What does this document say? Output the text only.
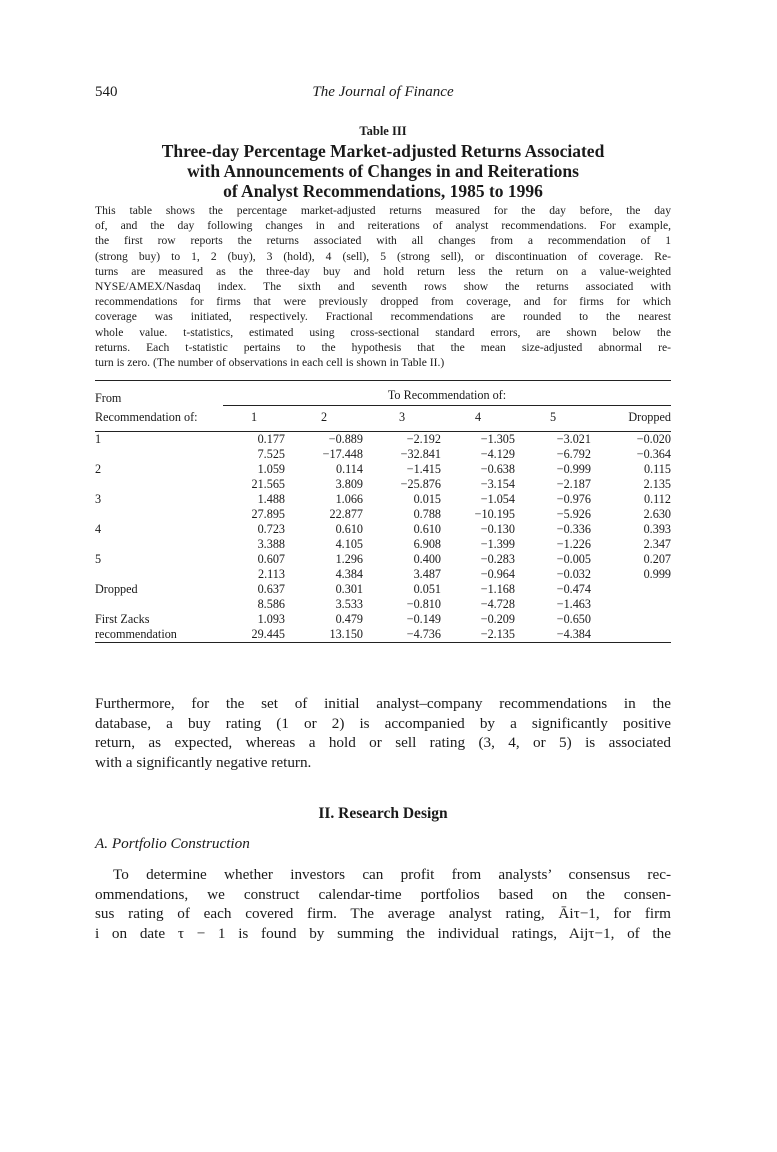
540	The Journal of Finance
Table III
Three-day Percentage Market-adjusted Returns Associated
with Announcements of Changes in and Reiterations
of Analyst Recommendations, 1985 to 1996

This table shows the percentage market-adjusted returns measured for the day before, the day
of, and the day following changes in and reiterations of analyst recommendations. For example,
the first row reports the returns associated with all changes from a recommendation of 1
(strong buy) to 1, 2 (buy), 3 (hold), 4 (sell), 5 (strong sell), or discontinuation of coverage. Re-
turns are measured as the three-day buy and hold return less the return on a value-weighted
NYSE/AMEX/Nasdaq index. The sixth and seventh rows show the returns associated with
recommendations for firms that were previously dropped from coverage, and for firms for which
coverage was initiated, respectively. Fractional recommendations are rounded to the nearest
whole value. t-statistics, estimated using cross-sectional standard errors, are shown below the
returns. Each t-statistic pertains to the hypothesis that the mean size-adjusted abnormal re-
turn is zero. (The number of observations in each cell is shown in Table II.)

From	To Recommendation of:					
Recommendation of:	1	2	3	4	5	Dropped
1	0.177	−0.889	−2.192	−1.305	−3.021	−0.020
	7.525	−17.448	−32.841	−4.129	−6.792	−0.364
2	1.059	0.114	−1.415	−0.638	−0.999	0.115
	21.565	3.809	−25.876	−3.154	−2.187	2.135
3	1.488	1.066	0.015	−1.054	−0.976	0.112
	27.895	22.877	0.788	−10.195	−5.926	2.630
4	0.723	0.610	0.610	−0.130	−0.336	0.393
	3.388	4.105	6.908	−1.399	−1.226	2.347
5	0.607	1.296	0.400	−0.283	−0.005	0.207
	2.113	4.384	3.487	−0.964	−0.032	0.999
Dropped	0.637	0.301	0.051	−1.168	−0.474	
	8.586	3.533	−0.810	−4.728	−1.463	
First Zacks	1.093	0.479	−0.149	−0.209	−0.650	
recommendation	29.445	13.150	−4.736	−2.135	−4.384	

Furthermore, for the set of initial analyst–company recommendations in the
database, a buy rating (1 or 2) is accompanied by a significantly positive
return, as expected, whereas a hold or sell rating (3, 4, or 5) is associated
with a significantly negative return.

II. Research Design
A. Portfolio Construction

To determine whether investors can profit from analysts’ consensus rec-
ommendations, we construct calendar-time portfolios based on the consen-
sus rating of each covered firm. The average analyst rating, Āiτ−1, for firm
i on date τ − 1 is found by summing the individual ratings, Aijτ−1, of the
